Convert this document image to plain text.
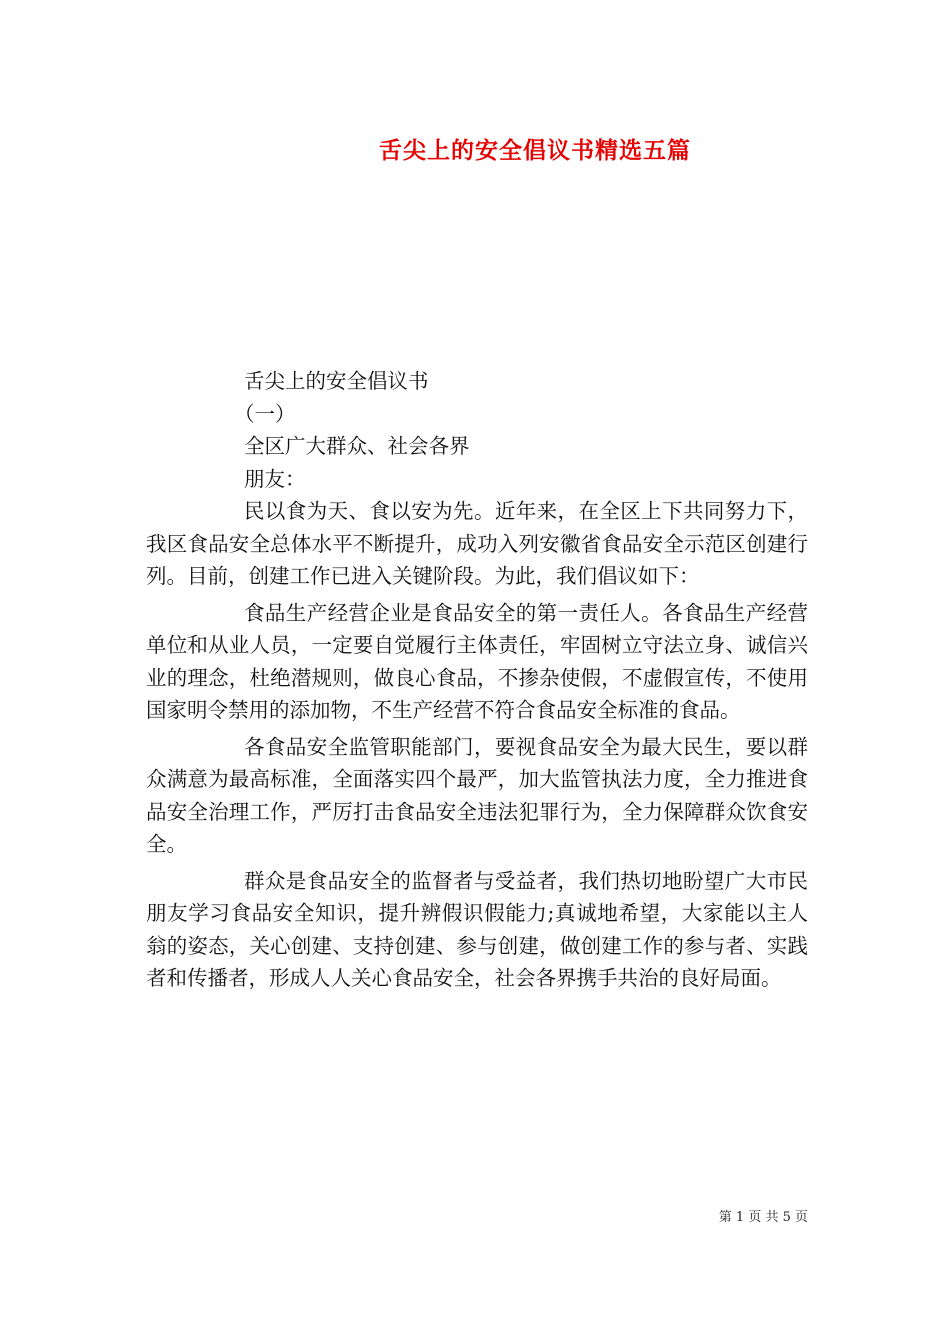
舌尖上的安全倡议书精选五篇

舌尖上的安全倡议书

（一）

全区广大群众、社会各界

朋友：

民以食为天、食以安为先。近年来，在全区上下共同努力下，我区食品安全总体水平不断提升，成功入列安徽省食品安全示范区创建行列。目前，创建工作已进入关键阶段。为此，我们倡议如下：

食品生产经营企业是食品安全的第一责任人。各食品生产经营单位和从业人员，一定要自觉履行主体责任，牢固树立守法立身、诚信兴业的理念，杜绝潜规则，做良心食品，不掺杂使假，不虚假宣传，不使用国家明令禁用的添加物，不生产经营不符合食品安全标准的食品。

各食品安全监管职能部门，要视食品安全为最大民生，要以群众满意为最高标准，全面落实四个最严，加大监管执法力度，全力推进食品安全治理工作，严厉打击食品安全违法犯罪行为，全力保障群众饮食安全。

群众是食品安全的监督者与受益者，我们热切地盼望广大市民朋友学习食品安全知识，提升辨假识假能力;真诚地希望，大家能以主人翁的姿态，关心创建、支持创建、参与创建，做创建工作的参与者、实践者和传播者，形成人人关心食品安全，社会各界携手共治的良好局面。

第 1 页 共 5 页
